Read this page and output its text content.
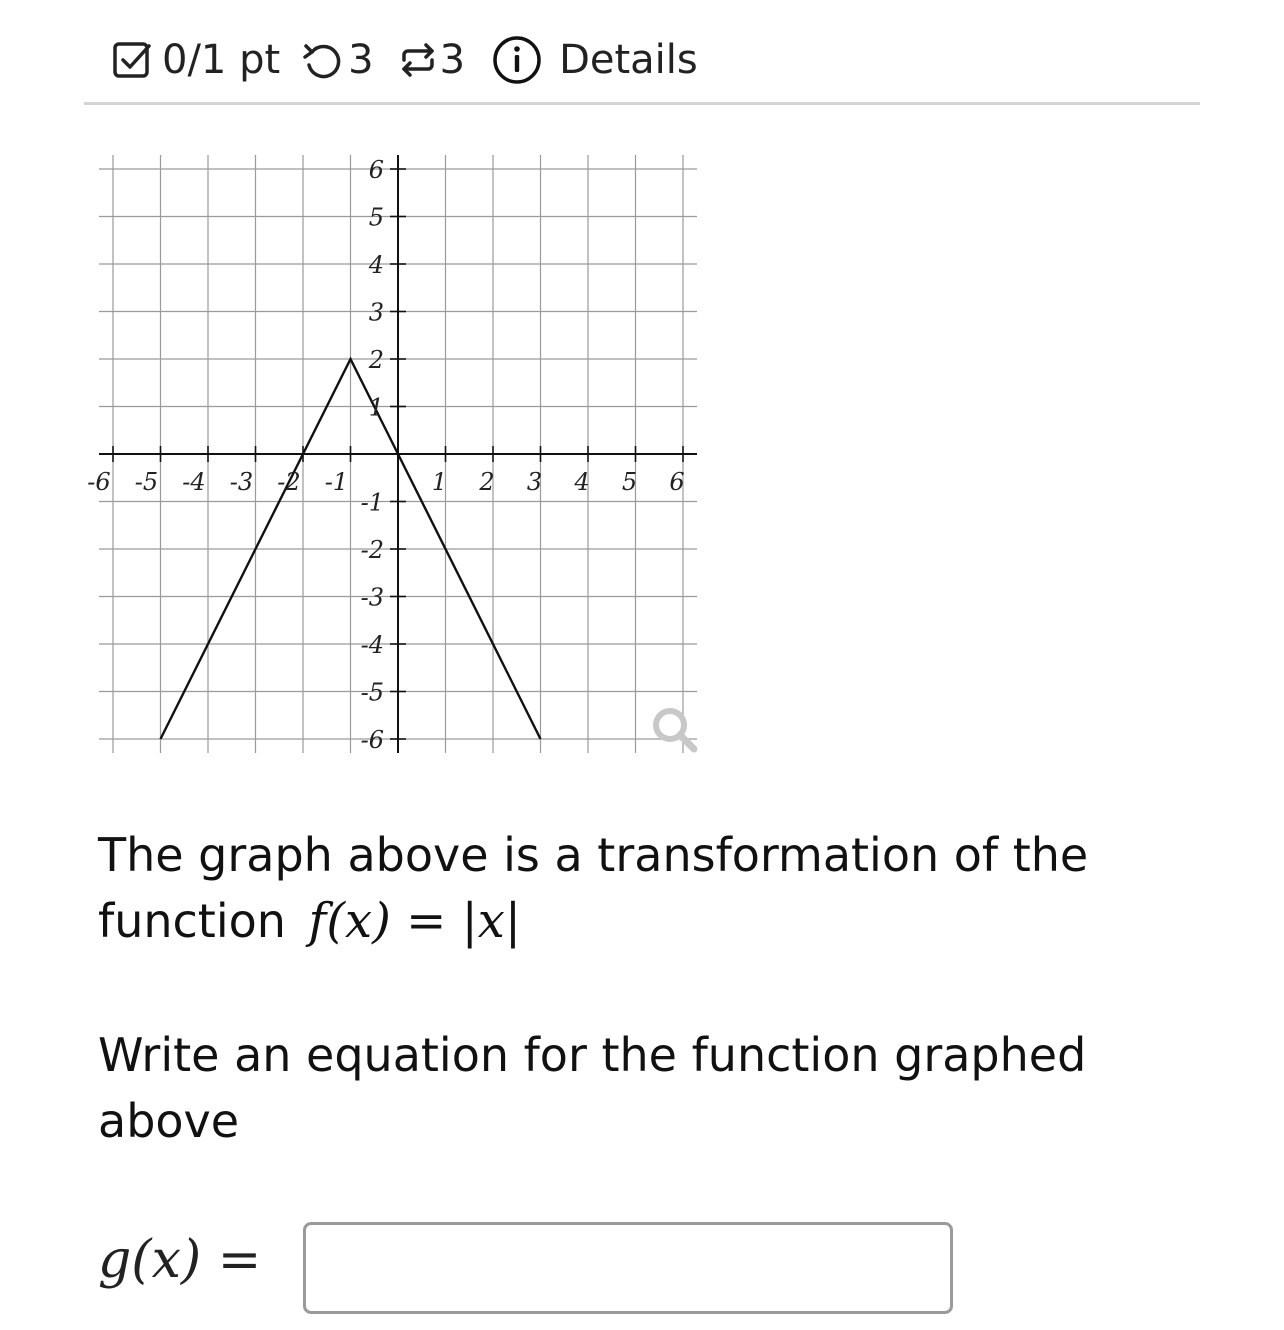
0/1 pt 3 3 Details
-6 -5 -4 -3 -2 -1	1 2 3 4 5 6
6
5
4
3
2
1
-1
-2
-3
-4
-5
-6
The graph above is a transformation of the
function f(x) = |x|
Write an equation for the function graphed
above
g(x) =
